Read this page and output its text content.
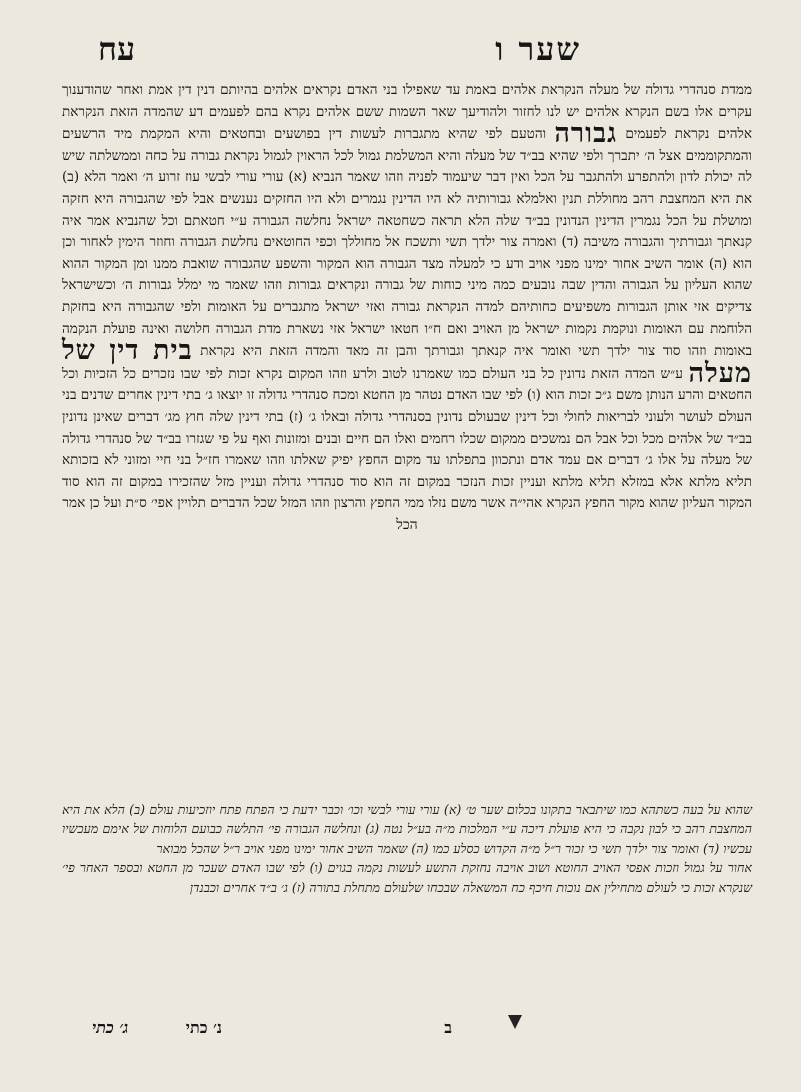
שער ו
עח

ממדת סנהדרי גדולה של מעלה הנקראת אלהים באמת עד שאפילו בני האדם נקראים אלהים בהיותם דנין דין אמת ואחר שהודענוך עקרים אלו בשם הנקרא אלהים יש לנו לחזור ולהודיעך שאר השמות ששם אלהים נקרא בהם לפעמים דע שהמדה הזאת הנקראת אלהים נקראת לפעמים גבורה והטעם לפי שהיא מתגברות לעשות דין בפושעים ובחטאים והיא המקמת מיד הרשעים והמתקוממים אצל ה׳ יתברך ולפי שהיא בב״ד של מעלה והיא המשלמת גמול לכל הראוין לגמול נקראת גבורה על כחה וממשלתה שיש לה יכולת לדון ולהתפרע ולהתגבר על הכל ואין דבר שיעמוד לפניה וזהו שאמר הנביא (א) עורי עורי לבשי עוז זרוע ה׳ ואמר הלא (ב) את היא המחצבת רהב מחוללת תנין ואלמלא גבורותיה לא היו הדינין נגמרים ולא היו החזקים נענשים אבל לפי שהגבורה היא חזקה ומושלת על הכל נגמרין הדינין הנדונין בב״ד שלה הלא תראה כשחטאה ישראל נחלשה הגבורה ע״י חטאתם וכל שהנביא אמר איה קנאתך וגבורתיך והגבורה משיבה (ד) ואמרה צור ילדך תשי ותשכח אל מחוללך וכפי החוטאים נחלשת הגבורה וחוזר הימין לאחור וכן הוא (ה) אומר השיב אחור ימינו מפני אויב ודע כי למעלה מצד הגבורה הוא המקור והשפע שהגבורה שואבת ממנו ומן המקור ההוא שהוא העליון על הגבורה והדין שבה נובעים כמה מיני כוחות של גבורה ונקראים גבורות וזהו שאמר מי ימלל גבורות ה׳ וכשישראל צדיקים אזי אותן הגבורות משפיעים כחותיהם למדה הנקראת גבורה ואזי ישראל מתגברים על האומות ולפי שהגבורה היא בחזקת הלוחמת עם האומות ונוקמת נקמות ישראל מן האויב ואם ח״ו חטאו ישראל אזי נשארת מדת הגבורה חלושה ואינה פועלת הנקמה באומות וזהו סוד צור ילדך תשי ואומר איה קנאתך וגבורתך והבן זה מאד והמדה הזאת היא נקראת בית דין של מעלה ע״ש המדה הזאת נדונין כל בני העולם כמו שאמרנו לטוב ולרע וזהו המקום נקרא זכות לפי שבו נזכרים כל הזכיות וכל החטאים והרע הנותן משם ג״כ זכות הוא (ו) לפי שבו האדם נטהר מן החטא ומכח סנהדרי גדולה זו יוצאו ג׳ בתי דינין אחרים שדנים בני העולם לעושר ולעוני לבריאות לחולי וכל דינין שבעולם נדונין בסנהדרי גדולה ובאלו ג׳ (ז) בתי דינין שלה חוץ מג׳ דברים שאינן נדונין בב״ד של אלהים מכל וכל אבל הם נמשכים ממקום שכלו רחמים ואלו הם חיים ובנים ומזונות ואף על פי שגזרו בב״ד של סנהדרי גדולה של מעלה על אלו ג׳ דברים אם עמד אדם ונתכוון בתפלתו עד מקום החפץ יפיק שאלתו וזהו שאמרו חז״ל בני חיי ומזוני לא בזכותא תליא מלתא אלא במזלא תליא מלתא ועניין זכות הנזכר במקום זה הוא סוד סנהדרי גדולה ועניין מזל שהזכירו במקום זה הוא סוד המקור העליון שהוא מקור החפץ הנקרא אהי״ה אשר משם נזלו ממי החפץ והרצון וזהו המזל שכל הדברים תלויין אפי׳ ס״ת ועל כן אמר

הכל

שהוא על בעה כשתהא כמו שיתבאר בתקונו בכלום שער ט׳ (א) עורי עורי לבשי וכו׳ וכבר ידעת כי הפתח פתח יוזכיעות עולם (ב) הלא את היא המחצבת רהב כי לבון נקבה כי היא פועלת דיכה ע״י המלכות מ״ה בע״ל נטה (ג) ונחלשה הגבורה פי׳ התלשה כבועם הלוחות של אימם מעכשיו עכשיו (ד) ואומר צור ילדך תשי כי זכור ר״ל מ״ה הקדוש כסלע כמו (ה) שאמר השיב אחור ימינו מפני אויב ר״ל שהכל מבואר

אחור על גמול וזכות אפסי האויב החוטא ושוב אויבה נחזקת התשע לעשות נקמה בגוים (ו) לפי שבו האדם שעכר מן החטא ובספר האחר פי׳ שנקרא זכות כי לעולם מתחילין אם נוכות חיכף כח המשאלה שבכחו שלעולם מתחלת בתורה (ז) ג׳ ב״ד אחרים וכבנדן

נ׳ כתי	ב
ג׳ כתי
